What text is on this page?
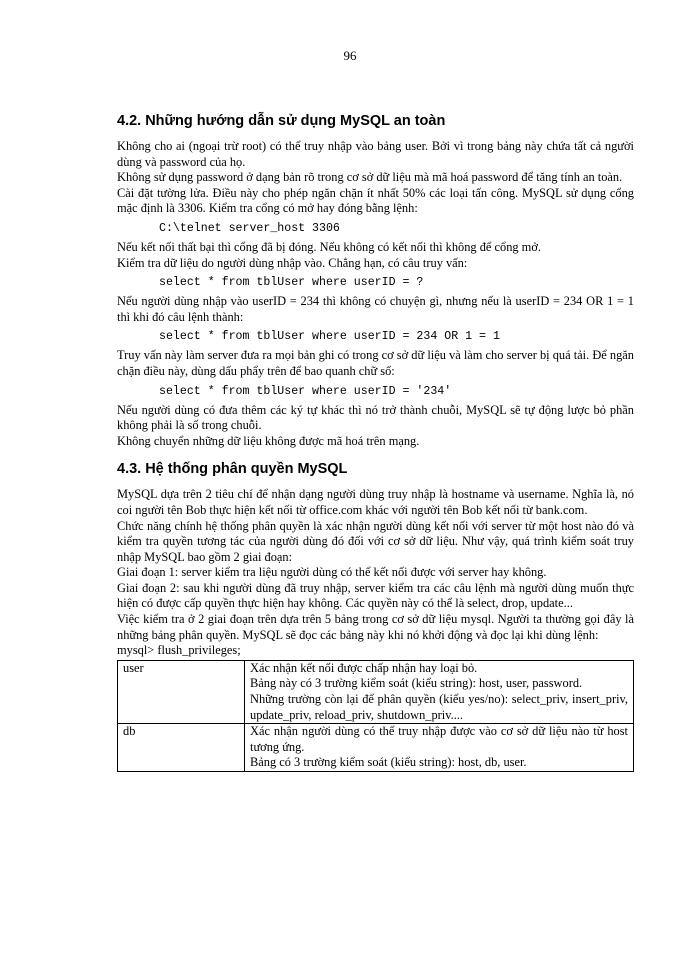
96
4.2. Những hướng dẫn sử dụng MySQL an toàn

Không cho ai (ngoại trừ root) có thể truy nhập vào bảng user. Bởi vì trong bảng này chứa tất cả người dùng và password của họ.

Không sử dụng password ở dạng bản rõ trong cơ sở dữ liệu mà mã hoá password để tăng tính an toàn.

Cài đặt tường lửa. Điều này cho phép ngăn chặn ít nhất 50% các loại tấn công. MySQL sử dụng cổng mặc định là 3306. Kiểm tra cổng có mở hay đóng bằng lệnh:

C:\telnet server_host 3306

Nếu kết nối thất bại thì cổng đã bị đóng. Nếu không có kết nối thì không để cổng mở.

Kiểm tra dữ liệu do người dùng nhập vào. Chẳng hạn, có câu truy vấn:

select * from tblUser where userID = ?

Nếu người dùng nhập vào userID = 234 thì không có chuyện gì, nhưng nếu là userID = 234 OR 1 = 1 thì khi đó câu lệnh thành:

select * from tblUser where userID = 234 OR 1 = 1

Truy vấn này làm server đưa ra mọi bản ghi có trong cơ sở dữ liệu và làm cho server bị quá tải. Để ngăn chặn điều này, dùng dấu phẩy trên để bao quanh chữ số:

select * from tblUser where userID = '234'

Nếu người dùng có đưa thêm các ký tự khác thì nó trở thành chuỗi, MySQL sẽ tự động lược bỏ phần không phải là số trong chuỗi.

Không chuyển những dữ liệu không được mã hoá trên mạng.

4.3. Hệ thống phân quyền MySQL

MySQL dựa trên 2 tiêu chí để nhận dạng người dùng truy nhập là hostname và username. Nghĩa là, nó coi người tên Bob thực hiện kết nối từ office.com khác với người tên Bob kết nối từ bank.com.

Chức năng chính hệ thống phân quyền là xác nhận người dùng kết nối với server từ một host nào đó và kiểm tra quyền tương tác của người dùng đó đối với cơ sở dữ liệu. Như vậy, quá trình kiểm soát truy nhập MySQL bao gồm 2 giai đoạn:

Giai đoạn 1: server kiểm tra liệu người dùng có thể kết nối được với server hay không.

Giai đoạn 2: sau khi người dùng đã truy nhập, server kiểm tra các câu lệnh mà người dùng muốn thực hiện có được cấp quyền thực hiện hay không. Các quyền này có thể là select, drop, update...

Việc kiểm tra ở 2 giai đoạn trên dựa trên 5 bảng trong cơ sở dữ liệu mysql. Người ta thường gọi đây là những bảng phân quyền. MySQL sẽ đọc các bảng này khi nó khởi động và đọc lại khi dùng lệnh:

mysql> flush_privileges;

user	Xác nhận kết nối được chấp nhận hay loại bỏ.

Bảng này có 3 trường kiểm soát (kiểu string): host, user, password.

Những trường còn lại để phân quyền (kiểu yes/no): select_priv, insert_priv, update_priv, reload_priv, shutdown_priv....

db	Xác nhận người dùng có thể truy nhập được vào cơ sở dữ liệu nào từ host tương ứng.

Bảng có 3 trường kiểm soát (kiểu string): host, db, user.
